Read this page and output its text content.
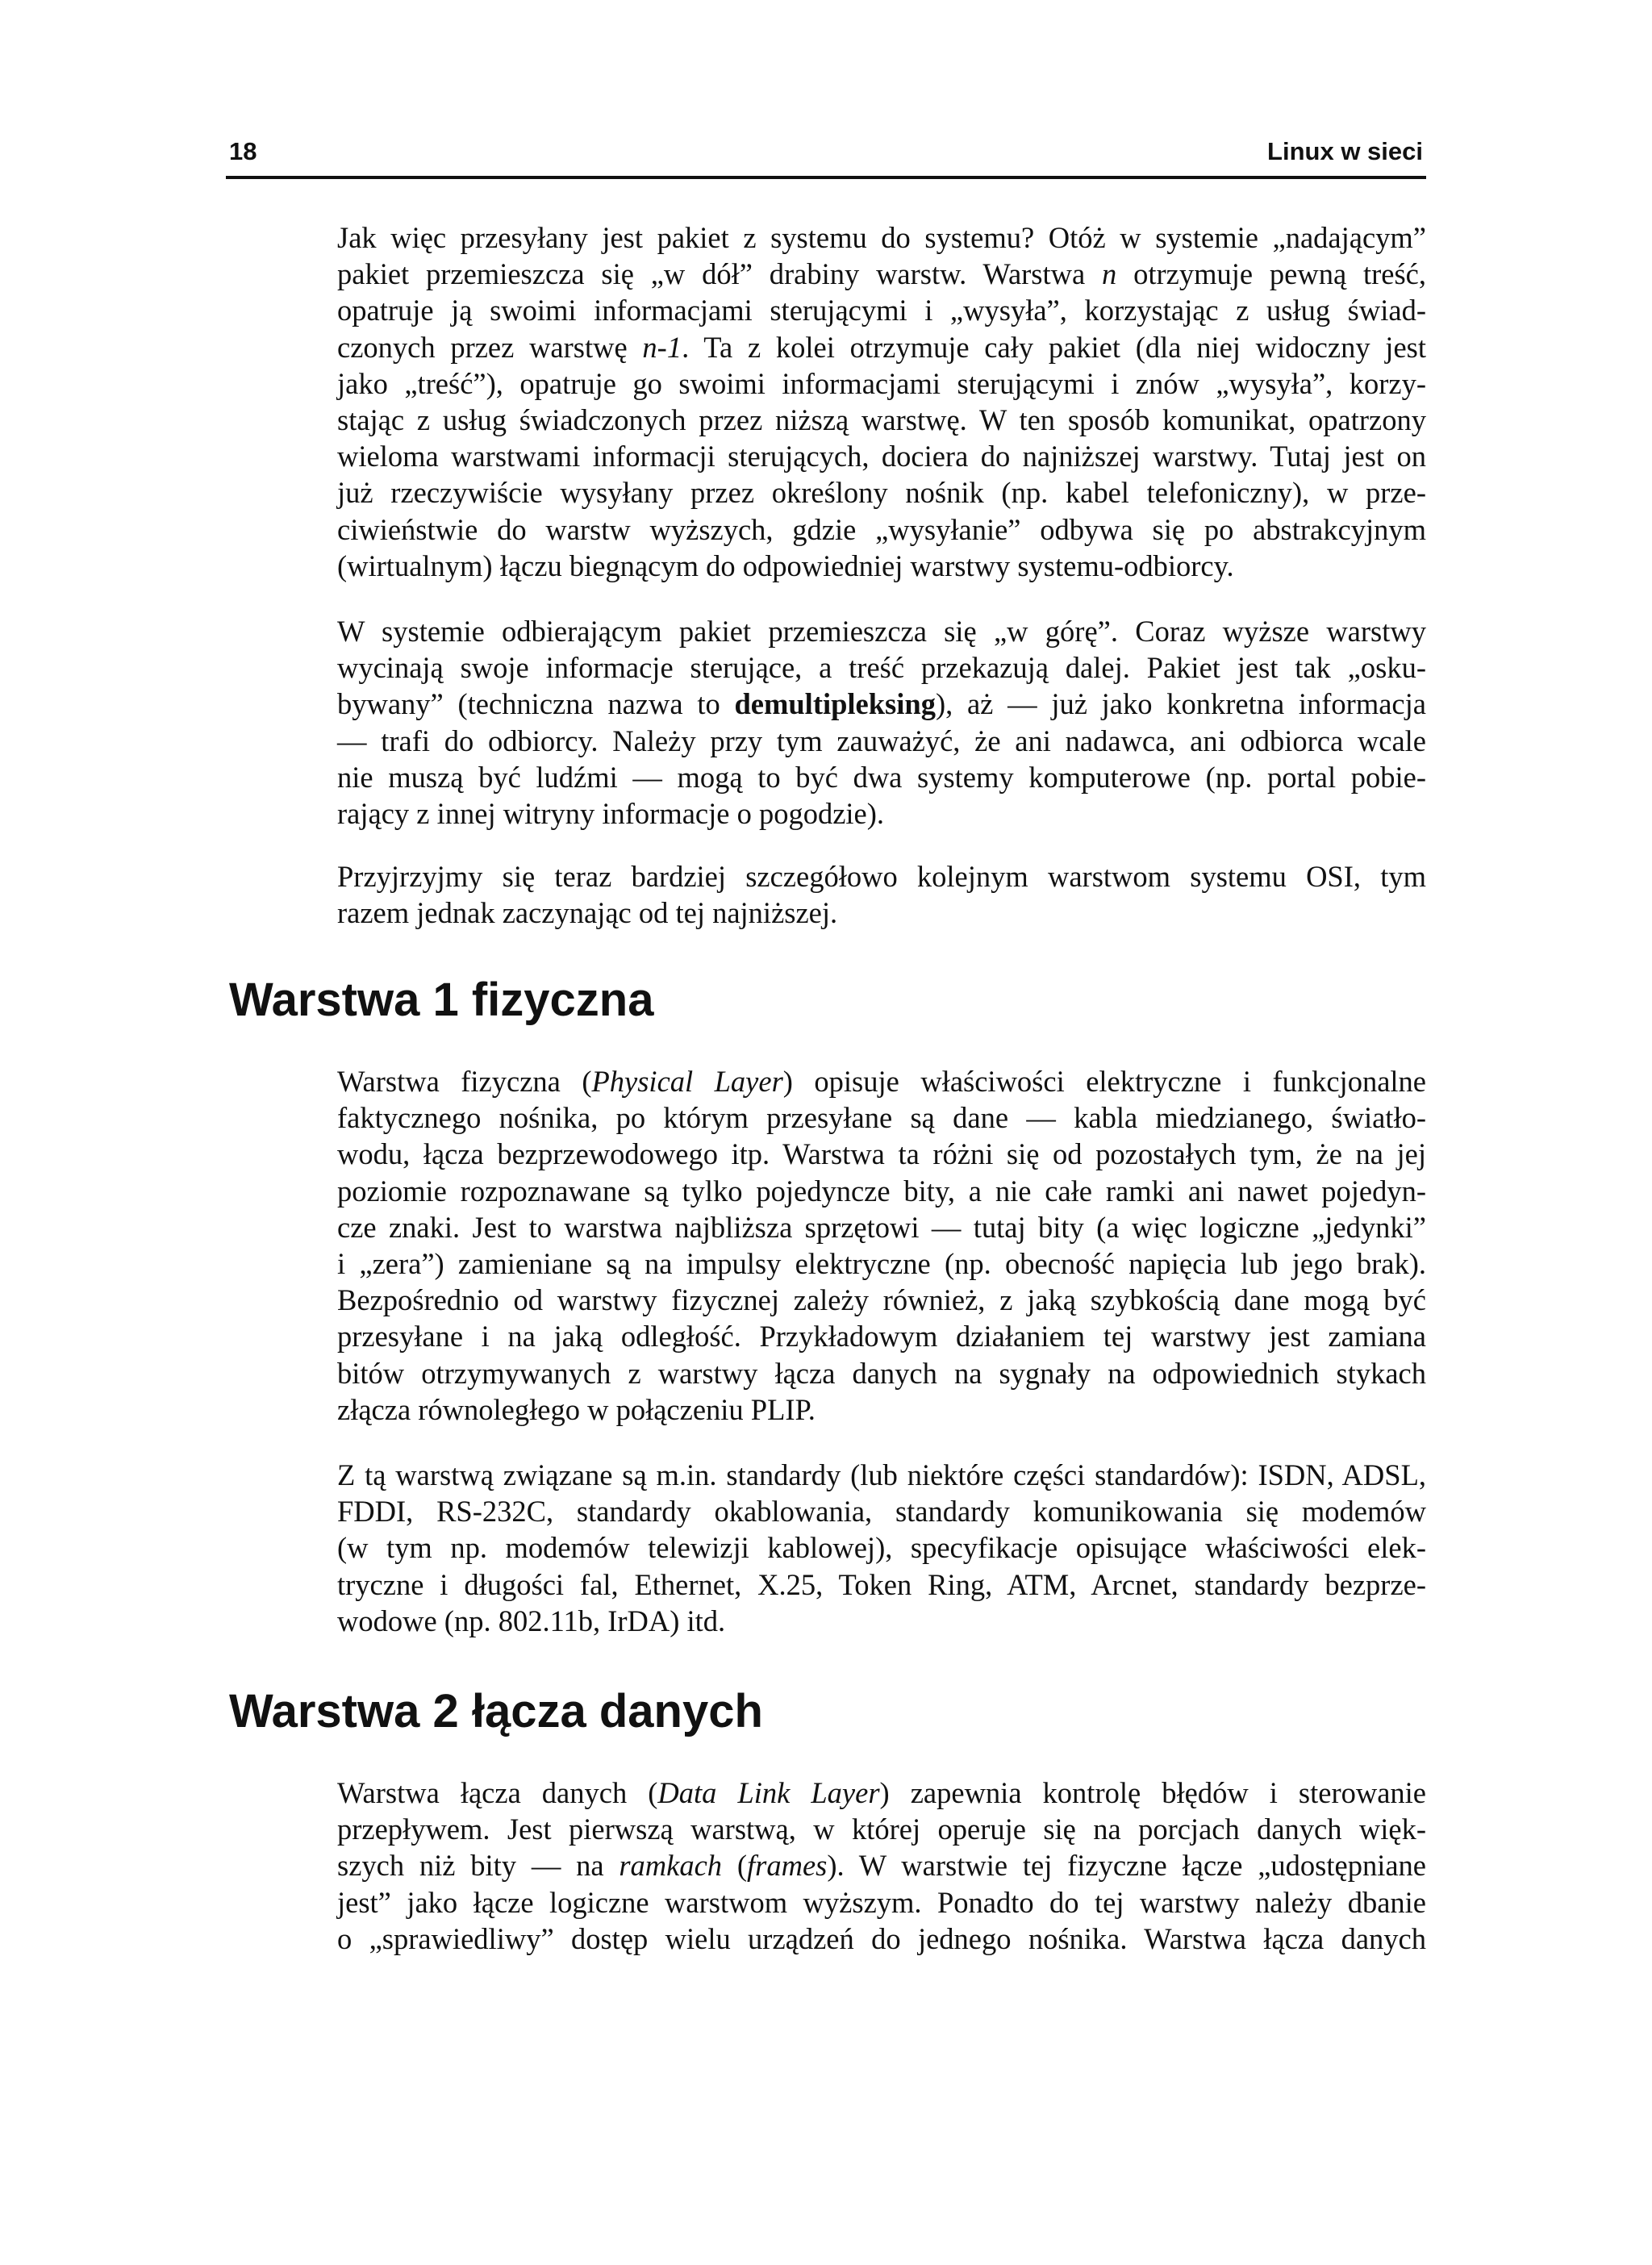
18	Linux w sieci

Jak więc przesyłany jest pakiet z systemu do systemu? Otóż w systemie „nadającym”
pakiet przemieszcza się „w dół” drabiny warstw. Warstwa n otrzymuje pewną treść,
opatruje ją swoimi informacjami sterującymi i „wysyła”, korzystając z usług świad-
czonych przez warstwę n-1. Ta z kolei otrzymuje cały pakiet (dla niej widoczny jest
jako „treść”), opatruje go swoimi informacjami sterującymi i znów „wysyła”, korzy-
stając z usług świadczonych przez niższą warstwę. W ten sposób komunikat, opatrzony
wieloma warstwami informacji sterujących, dociera do najniższej warstwy. Tutaj jest on
już rzeczywiście wysyłany przez określony nośnik (np. kabel telefoniczny), w prze-
ciwieństwie do warstw wyższych, gdzie „wysyłanie” odbywa się po abstrakcyjnym
(wirtualnym) łączu biegnącym do odpowiedniej warstwy systemu-odbiorcy.

W systemie odbierającym pakiet przemieszcza się „w górę”. Coraz wyższe warstwy
wycinają swoje informacje sterujące, a treść przekazują dalej. Pakiet jest tak „osku-
bywany” (techniczna nazwa to demultipleksing), aż — już jako konkretna informacja
— trafi do odbiorcy. Należy przy tym zauważyć, że ani nadawca, ani odbiorca wcale
nie muszą być ludźmi — mogą to być dwa systemy komputerowe (np. portal pobie-
rający z innej witryny informacje o pogodzie).

Przyjrzyjmy się teraz bardziej szczegółowo kolejnym warstwom systemu OSI, tym
razem jednak zaczynając od tej najniższej.

Warstwa 1 fizyczna

Warstwa fizyczna (Physical Layer) opisuje właściwości elektryczne i funkcjonalne
faktycznego nośnika, po którym przesyłane są dane — kabla miedzianego, światło-
wodu, łącza bezprzewodowego itp. Warstwa ta różni się od pozostałych tym, że na jej
poziomie rozpoznawane są tylko pojedyncze bity, a nie całe ramki ani nawet pojedyn-
cze znaki. Jest to warstwa najbliższa sprzętowi — tutaj bity (a więc logiczne „jedynki”
i „zera”) zamieniane są na impulsy elektryczne (np. obecność napięcia lub jego brak).
Bezpośrednio od warstwy fizycznej zależy również, z jaką szybkością dane mogą być
przesyłane i na jaką odległość. Przykładowym działaniem tej warstwy jest zamiana
bitów otrzymywanych z warstwy łącza danych na sygnały na odpowiednich stykach
złącza równoległego w połączeniu PLIP.

Z tą warstwą związane są m.in. standardy (lub niektóre części standardów): ISDN, ADSL,
FDDI, RS-232C, standardy okablowania, standardy komunikowania się modemów
(w tym np. modemów telewizji kablowej), specyfikacje opisujące właściwości elek-
tryczne i długości fal, Ethernet, X.25, Token Ring, ATM, Arcnet, standardy bezprze-
wodowe (np. 802.11b, IrDA) itd.

Warstwa 2 łącza danych

Warstwa łącza danych (Data Link Layer) zapewnia kontrolę błędów i sterowanie
przepływem. Jest pierwszą warstwą, w której operuje się na porcjach danych więk-
szych niż bity — na ramkach (frames). W warstwie tej fizyczne łącze „udostępniane
jest” jako łącze logiczne warstwom wyższym. Ponadto do tej warstwy należy dbanie
o „sprawiedliwy” dostęp wielu urządzeń do jednego nośnika. Warstwa łącza danych
